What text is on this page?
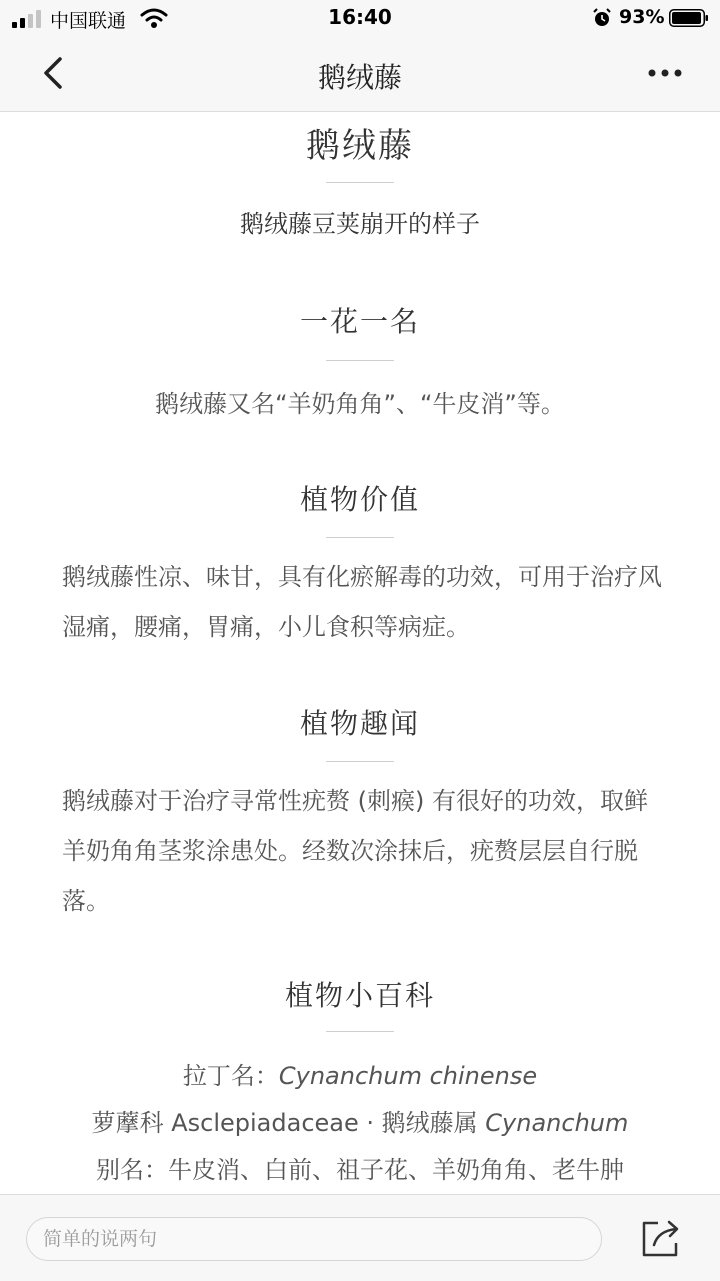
中国联通	16:40	93%
鹅绒藤
鹅绒藤
鹅绒藤豆荚崩开的样子
一花一名
鹅绒藤又名“羊奶角角”、“牛皮消”等。
植物价值

鹅绒藤性凉、味甘，具有化瘀解毒的功效，可用于治疗风湿痛，腰痛，胃痛，小儿食积等病症。

植物趣闻

鹅绒藤对于治疗寻常性疣赘 (刺瘊) 有很好的功效，取鲜羊奶角角茎浆涂患处。经数次涂抹后，疣赘层层自行脱落。

植物小百科
拉丁名：Cynanchum chinense
萝藦科 Asclepiadaceae · 鹅绒藤属 Cynanchum
别名：牛皮消、白前、祖子花、羊奶角角、老牛肿
简单的说两句
